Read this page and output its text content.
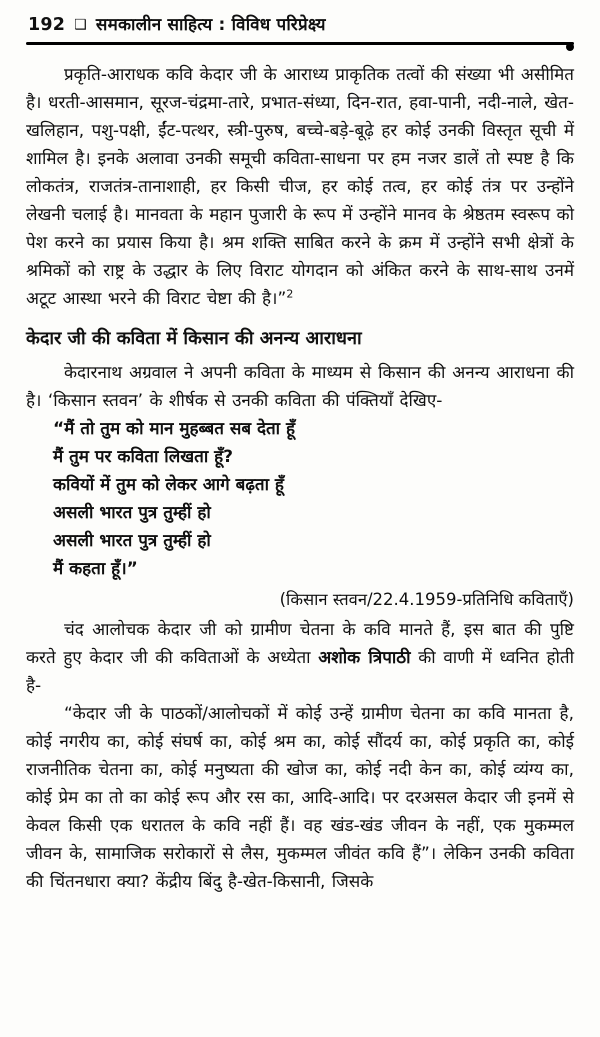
192 ❑ समकालीन साहित्य : विविध परिप्रेक्ष्य

प्रकृति-आराधक कवि केदार जी के आराध्य प्राकृतिक तत्वों की संख्या भी असीमित है। धरती-आसमान, सूरज-चंद्रमा-तारे, प्रभात-संध्या, दिन-रात, हवा-पानी, नदी-नाले, खेत-खलिहान, पशु-पक्षी, ईंट-पत्थर, स्त्री-पुरुष, बच्चे-बड़े-बूढ़े हर कोई उनकी विस्तृत सूची में शामिल है। इनके अलावा उनकी समूची कविता-साधना पर हम नजर डालें तो स्पष्ट है कि लोकतंत्र, राजतंत्र-तानाशाही, हर किसी चीज, हर कोई तत्व, हर कोई तंत्र पर उन्होंने लेखनी चलाई है। मानवता के महान पुजारी के रूप में उन्होंने मानव के श्रेष्ठतम स्वरूप को पेश करने का प्रयास किया है। श्रम शक्ति साबित करने के क्रम में उन्होंने सभी क्षेत्रों के श्रमिकों को राष्ट्र के उद्धार के लिए विराट योगदान को अंकित करने के साथ-साथ उनमें अटूट आस्था भरने की विराट चेष्टा की है।”$^2$

केदार जी की कविता में किसान की अनन्य आराधना

केदारनाथ अग्रवाल ने अपनी कविता के माध्यम से किसान की अनन्य आराधना की है। ‘किसान स्तवन’ के शीर्षक से उनकी कविता की पंक्तियाँ देखिए-

“मैं तो तुम को मान मुहब्बत सब देता हूँ
मैं तुम पर कविता लिखता हूँ?
कवियों में तुम को लेकर आगे बढ़ता हूँ
असली भारत पुत्र तुम्हीं हो
असली भारत पुत्र तुम्हीं हो
मैं कहता हूँ।”
(किसान स्तवन/22.4.1959-प्रतिनिधि कविताएँ)

चंद आलोचक केदार जी को ग्रामीण चेतना के कवि मानते हैं, इस बात की पुष्टि करते हुए केदार जी की कविताओं के अध्येता अशोक त्रिपाठी की वाणी में ध्वनित होती है-

“केदार जी के पाठकों/आलोचकों में कोई उन्हें ग्रामीण चेतना का कवि मानता है, कोई नगरीय का, कोई संघर्ष का, कोई श्रम का, कोई सौंदर्य का, कोई प्रकृति का, कोई राजनीतिक चेतना का, कोई मनुष्यता की खोज का, कोई नदी केन का, कोई व्यंग्य का, कोई प्रेम का तो का कोई रूप और रस का, आदि-आदि। पर दरअसल केदार जी इनमें से केवल किसी एक धरातल के कवि नहीं हैं। वह खंड-खंड जीवन के नहीं, एक मुकम्मल जीवन के, सामाजिक सरोकारों से लैस, मुकम्मल जीवंत कवि हैं”। लेकिन उनकी कविता की चिंतनधारा क्या? केंद्रीय बिंदु है-खेत-किसानी, जिसके
